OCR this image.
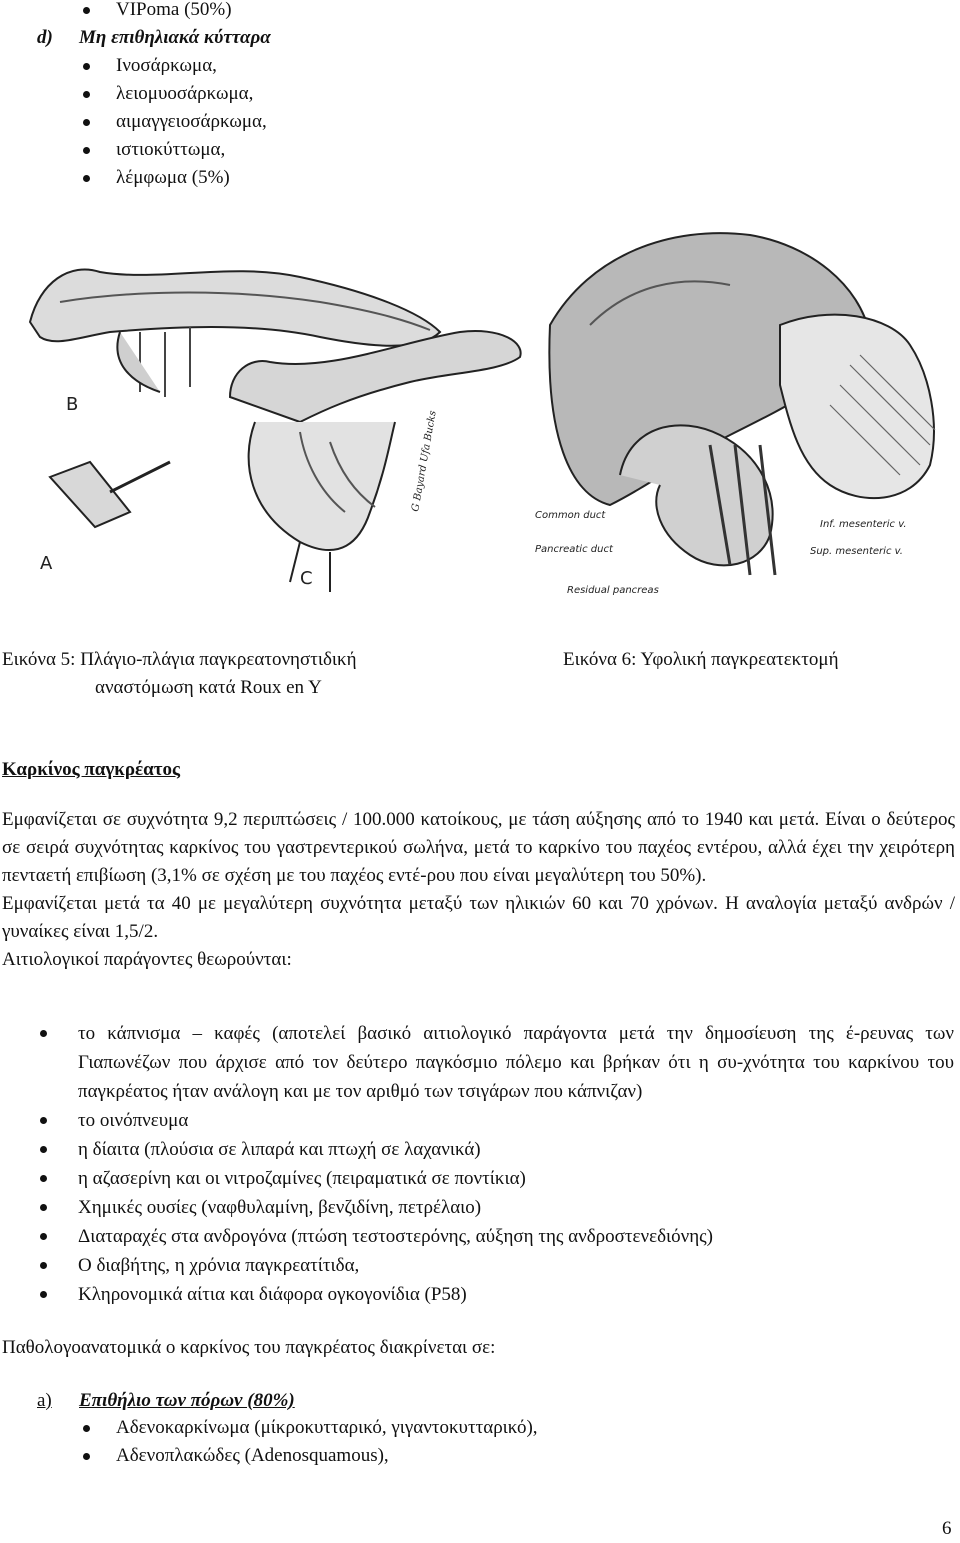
VIPoma (50%)
d) Μη επιθηλιακά κύτταρα
Ινοσάρκωμα,
λειομυοσάρκωμα,
αιμαγγειοσάρκωμα,
ιστιοκύττωμα,
λέμφωμα (5%)
B
A
C
G Bayard Ufa Bucks
Common duct
Pancreatic duct
Residual pancreas
Inf. mesenteric v.
Sup. mesenteric v.
Εικόνα 5: Πλάγιο-πλάγια παγκρεατονηστιδική
αναστόμωση κατά Roux en Y
Εικόνα 6: Υφολική παγκρεατεκτομή
Καρκίνος παγκρέατος

Εμφανίζεται σε συχνότητα 9,2 περιπτώσεις / 100.000 κατοίκους, με τάση αύξησης από το 1940 και μετά. Είναι ο δεύτερος σε σειρά συχνότητας καρκίνος του γαστρεντερικού σωλήνα, μετά το καρκίνο του παχέος εντέρου, αλλά έχει την χειρότερη πενταετή επιβίωση (3,1% σε σχέση με του παχέος εντέ-ρου που είναι μεγαλύτερη του 50%).

Εμφανίζεται μετά τα 40 με μεγαλύτερη συχνότητα μεταξύ των ηλικιών 60 και 70 χρόνων. Η αναλογία μεταξύ ανδρών / γυναίκες είναι 1,5/2.

Αιτιολογικοί παράγοντες θεωρούνται:

το κάπνισμα – καφές (αποτελεί βασικό αιτιολογικό παράγοντα μετά την δημοσίευση της έ-ρευνας των Γιαπωνέζων που άρχισε από τον δεύτερο παγκόσμιο πόλεμο και βρήκαν ότι η συ-χνότητα του καρκίνου του παγκρέατος ήταν ανάλογη και με τον αριθμό των τσιγάρων που κάπνιζαν)
το οινόπνευμα
η δίαιτα (πλούσια σε λιπαρά και πτωχή σε λαχανικά)
η αζασερίνη και οι νιτροζαμίνες (πειραματικά σε ποντίκια)
Χημικές ουσίες (ναφθυλαμίνη, βενζιδίνη, πετρέλαιο)
Διαταραχές στα ανδρογόνα (πτώση τεστοστερόνης, αύξηση της ανδροστενεδιόνης)
Ο διαβήτης, η χρόνια παγκρεατίτιδα,
Κληρονομικά αίτια και διάφορα ογκογονίδια (P58)
Παθολογοανατομικά ο καρκίνος του παγκρέατος διακρίνεται σε:
a) Επιθήλιο των πόρων (80%)
Αδενοκαρκίνωμα (μίκροκυτταρικό, γιγαντοκυτταρικό),
Αδενοπλακώδες (Adenosquamous),
6
